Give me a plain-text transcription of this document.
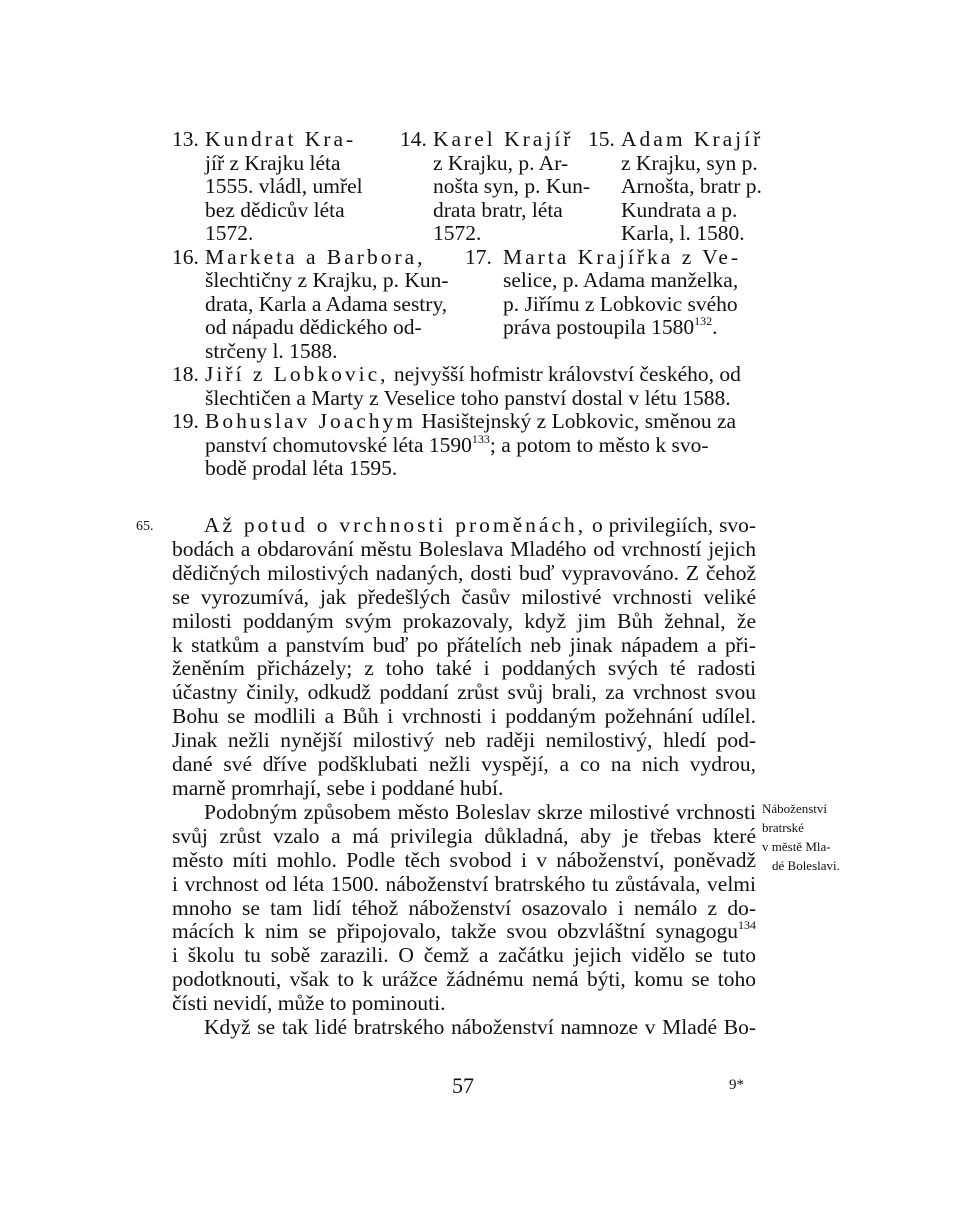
13. Kundrat Kra-
jíř z Krajku léta
1555. vládl, umřel
bez dědicův léta
1572.
14. Karel Krajíř
z Krajku, p. Ar-
nošta syn, p. Kun-
drata bratr, léta
1572.
15. Adam Krajíř
z Krajku, syn p.
Arnošta, bratr p.
Kundrata a p.
Karla, l. 1580.
16. Marketa a Barbora,
šlechtičny z Krajku, p. Kun-
drata, Karla a Adama sestry,
od nápadu dědického od-
strčeny l. 1588.
17. Marta Krajířka z Ve-
selice, p. Adama manželka,
p. Jiřímu z Lobkovic svého
práva postoupila 1580$^{132}$.
18. Jiří z Lobkovic, nejvyšší hofmistr království českého, od
šlechtičen a Marty z Veselice toho panství dostal v létu 1588.
19. Bohuslav Joachym Hasištejnský z Lobkovic, směnou za
panství chomutovské léta 1590$^{133}$; a potom to město k svo-
bodě prodal léta 1595.
65.	Až potud o vrchnosti proměnách, o privilegiích, svo-
bodách a obdarování městu Boleslava Mladého od vrchností jejich
dědičných milostivých nadaných, dosti buď vypravováno. Z čehož
se vyrozumívá, jak předešlých časův milostivé vrchnosti veliké
milosti poddaným svým prokazovaly, když jim Bůh žehnal, že
k statkům a panstvím buď po přátelích neb jinak nápadem a při-
ženěním přicházely; z toho také i poddaných svých té radosti
účastny činily, odkudž poddaní zrůst svůj brali, za vrchnost svou
Bohu se modlili a Bůh i vrchnosti i poddaným požehnání udílel.
Jinak nežli nynější milostivý neb raději nemilostivý, hledí pod-
dané své dříve podšklubati nežli vyspějí, a co na nich vydrou,
marně promrhají, sebe i poddané hubí.
Podobným způsobem město Boleslav skrze milostivé vrchnosti
svůj zrůst vzalo a má privilegia důkladná, aby je třebas které
město míti mohlo. Podle těch svobod i v náboženství, poněvadž
i vrchnost od léta 1500. náboženství bratrského tu zůstávala, velmi
mnoho se tam lidí téhož náboženství osazovalo i nemálo z do-
mácích k nim se připojovalo, takže svou obzvláštní synagogu$^{134}$
i školu tu sobě zarazili. O čemž a začátku jejich vidělo se tuto
podotknouti, však to k urážce žádnému nemá býti, komu se toho
čísti nevidí, může to pominouti.
Když se tak lidé bratrského náboženství namnoze v Mladé Bo-
Náboženství
bratrské
v městě Mla-
dé Boleslavi.
57	9*
